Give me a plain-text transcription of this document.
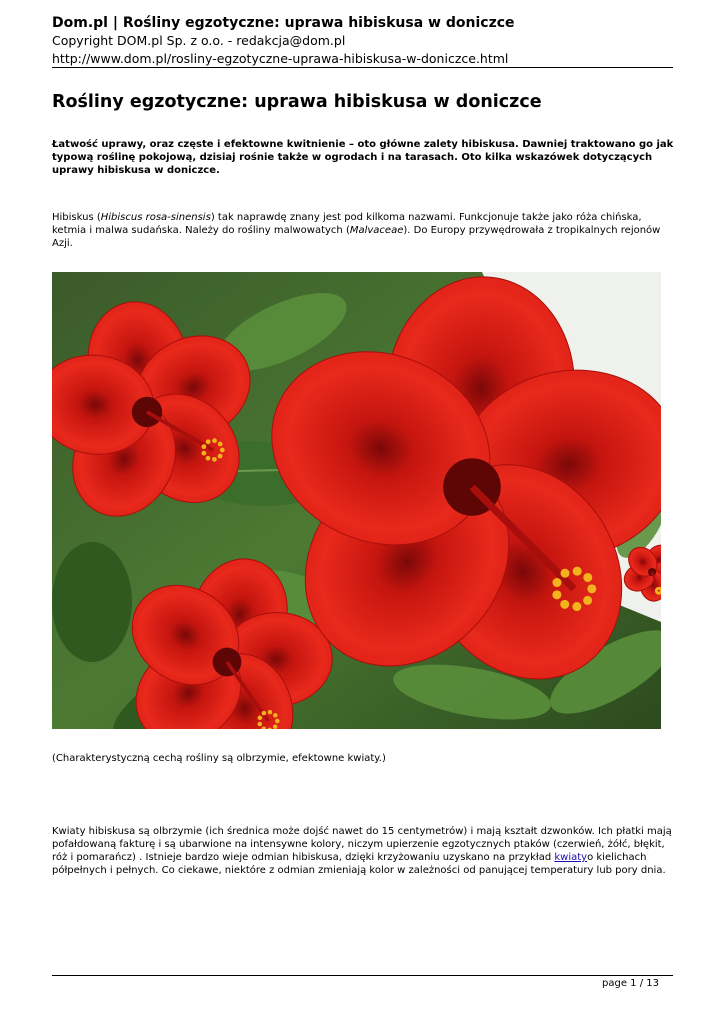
Dom.pl | Rośliny egzotyczne: uprawa hibiskusa w doniczce
Copyright DOM.pl Sp. z o.o. - redakcja@dom.pl
http://www.dom.pl/rosliny-egzotyczne-uprawa-hibiskusa-w-doniczce.html
Rośliny egzotyczne: uprawa hibiskusa w doniczce

Łatwość uprawy, oraz częste i efektowne kwitnienie – oto główne zalety hibiskusa. Dawniej traktowano go jak typową roślinę pokojową, dzisiaj rośnie także w ogrodach i na tarasach. Oto kilka wskazówek dotyczących uprawy hibiskusa w doniczce.

Hibiskus (Hibiscus rosa-sinensis) tak naprawdę znany jest pod kilkoma nazwami. Funkcjonuje także jako róża chińska, ketmia i malwa sudańska. Należy do rośliny malwowatych (Malvaceae). Do Europy przywędrowała z tropikalnych rejonów Azji.

(Charakterystyczną cechą rośliny są olbrzymie, efektowne kwiaty.)

Kwiaty hibiskusa są olbrzymie (ich średnica może dojść nawet do 15 centymetrów) i mają kształt dzwonków. Ich płatki mają pofałdowaną fakturę i są ubarwione na intensywne kolory, niczym upierzenie egzotycznych ptaków (czerwień, żółć, błękit, róż i pomarańcz) . Istnieje bardzo wieje odmian hibiskusa, dzięki krzyżowaniu uzyskano na przykład kwiatyo kielichach półpełnych i pełnych. Co ciekawe, niektóre z odmian zmieniają kolor w zależności od panującej temperatury lub pory dnia.

page 1 / 13
